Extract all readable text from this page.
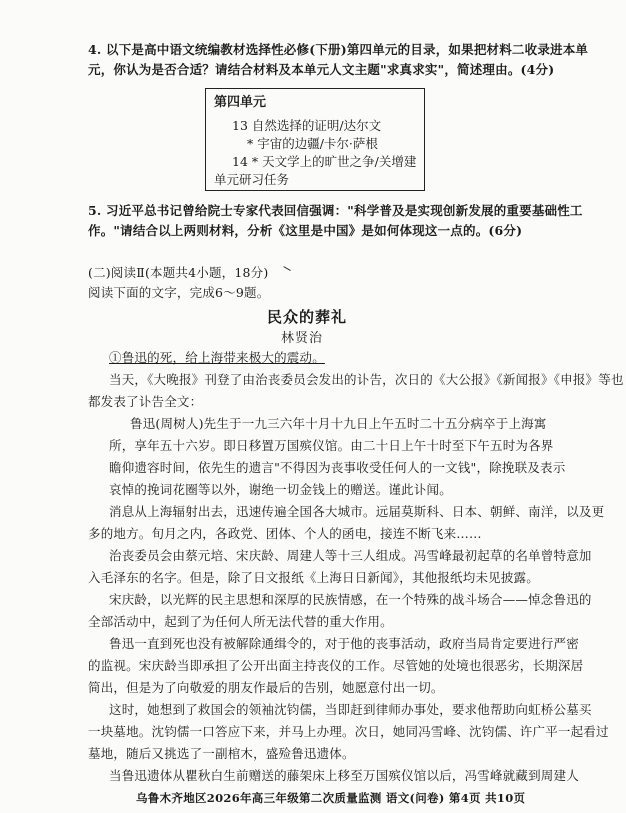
4. 以下是高中语文统编教材选择性必修(下册)第四单元的目录，如果把材料二收录进本单
元，你认为是否合适？请结合材料及本单元人文主题"求真求实"，简述理由。(4分)
第四单元
13 自然选择的证明/达尔文
* 宇宙的边疆/卡尔·萨根
14 * 天文学上的旷世之争/关增建
单元研习任务
5. 习近平总书记曾给院士专家代表回信强调："科学普及是实现创新发展的重要基础性工
作。"请结合以上两则材料，分析《这里是中国》是如何体现这一点的。(6分)
(二)阅读Ⅱ(本题共4小题，18分)
阅读下面的文字，完成6～9题。
民众的葬礼
林贤治
①鲁迅的死，给上海带来极大的震动。
当天，《大晚报》刊登了由治丧委员会发出的讣告，次日的《大公报》《新闻报》《申报》等也
都发表了讣告全文：
鲁迅(周树人)先生于一九三六年十月十九日上午五时二十五分病卒于上海寓
所，享年五十六岁。即日移置万国殡仪馆。由二十日上午十时至下午五时为各界
瞻仰遗容时间，依先生的遗言"不得因为丧事收受任何人的一文钱"，除挽联及表示
哀悼的挽词花圈等以外，谢绝一切金钱上的赠送。谨此讣闻。
消息从上海辐射出去，迅速传遍全国各大城市。远届莫斯科、日本、朝鲜、南洋，以及更
多的地方。旬月之内，各政党、团体、个人的函电，接连不断飞来……
治丧委员会由蔡元培、宋庆龄、周建人等十三人组成。冯雪峰最初起草的名单曾特意加
入毛泽东的名字。但是，除了日文报纸《上海日日新闻》，其他报纸均未见披露。
宋庆龄，以光辉的民主思想和深厚的民族情感，在一个特殊的战斗场合——悼念鲁迅的
全部活动中，起到了为任何人所无法代替的重大作用。
鲁迅一直到死也没有被解除通缉令的，对于他的丧事活动，政府当局肯定要进行严密
的监视。宋庆龄当即承担了公开出面主持丧仪的工作。尽管她的处境也很恶劣，长期深居
简出，但是为了向敬爱的朋友作最后的告别，她愿意付出一切。
这时，她想到了救国会的领袖沈钧儒，当即赶到律师办事处，要求他帮助向虹桥公墓买
一块墓地。沈钧儒一口答应下来，并马上办理。次日，她同冯雪峰、沈钧儒、许广平一起看过
墓地，随后又挑选了一副棺木，盛殓鲁迅遗体。
当鲁迅遗体从瞿秋白生前赠送的藤架床上移至万国殡仪馆以后，冯雪峰就藏到周建人
乌鲁木齐地区2026年高三年级第二次质量监测 语文(问卷) 第4页 共10页
